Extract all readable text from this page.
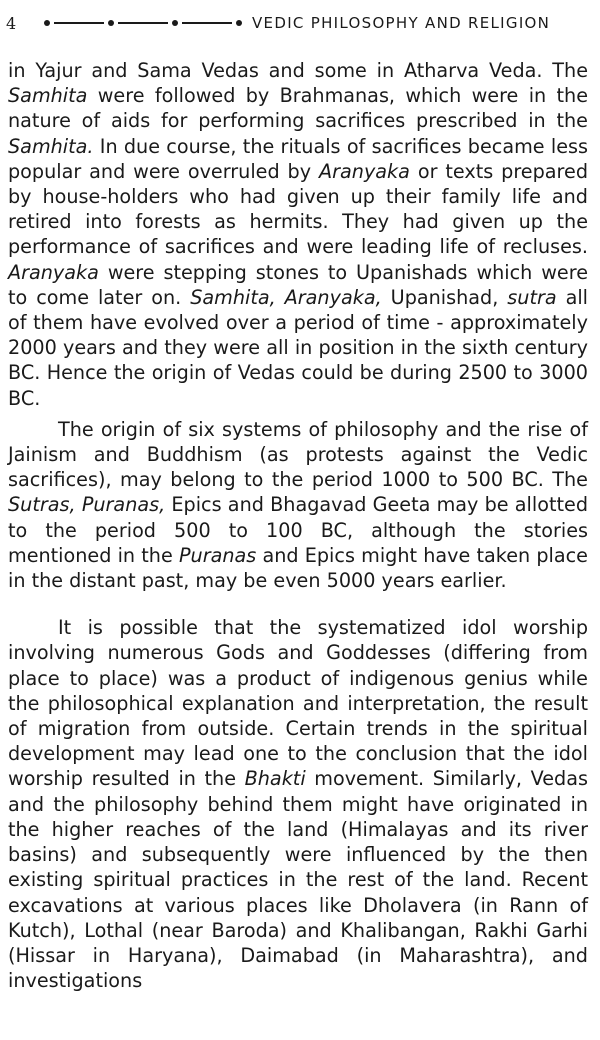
4	VEDIC PHILOSOPHY AND RELIGION

in Yajur and Sama Vedas and some in Atharva Veda. The Samhita were followed by Brahmanas, which were in the nature of aids for performing sacrifices prescribed in the Samhita. In due course, the rituals of sacrifices became less popular and were overruled by Aranyaka or texts prepared by house-holders who had given up their family life and retired into forests as hermits. They had given up the performance of sacrifices and were leading life of recluses. Aranyaka were stepping stones to Upanishads which were to come later on. Samhita, Aranyaka, Upanishad, sutra all of them have evolved over a period of time - approximately 2000 years and they were all in position in the sixth century BC. Hence the origin of Vedas could be during 2500 to 3000 BC.

The origin of six systems of philosophy and the rise of Jainism and Buddhism (as protests against the Vedic sacrifices), may belong to the period 1000 to 500 BC. The Sutras, Puranas, Epics and Bhagavad Geeta may be allotted to the period 500 to 100 BC, although the stories mentioned in the Puranas and Epics might have taken place in the distant past, may be even 5000 years earlier.

It is possible that the systematized idol worship involving numerous Gods and Goddesses (differing from place to place) was a product of indigenous genius while the philosophical explanation and interpretation, the result of migration from outside. Certain trends in the spiritual development may lead one to the conclusion that the idol worship resulted in the Bhakti movement. Similarly, Vedas and the philosophy behind them might have originated in the higher reaches of the land (Himalayas and its river basins) and subsequently were influenced by the then existing spiritual practices in the rest of the land. Recent excavations at various places like Dholavera (in Rann of Kutch), Lothal (near Baroda) and Khalibangan, Rakhi Garhi (Hissar in Haryana), Daimabad (in Maharashtra), and investigations
